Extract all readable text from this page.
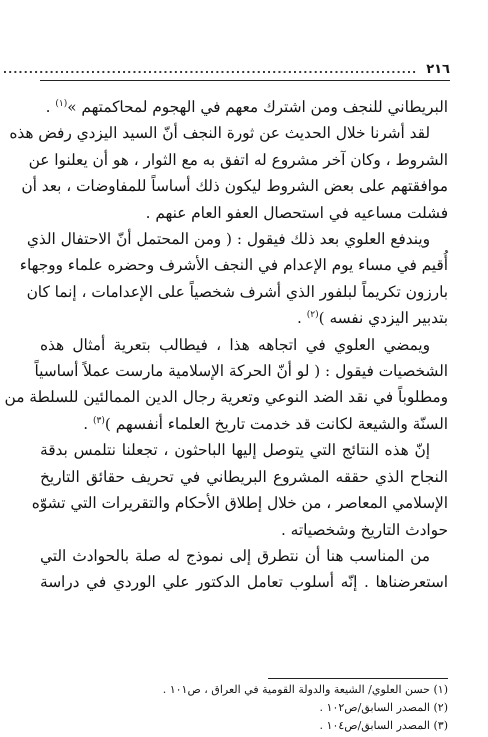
٢١٦
................................................................................
البريطاني للنجف ومن اشترك معهم في الهجوم لمحاكمتهم »$^{(١)}$ .
لقد أشرنا خلال الحديث عن ثورة النجف أنّ السيد اليزدي رفض هذه
الشروط ، وكان آخر مشروع له اتفق به مع الثوار ، هو أن يعلنوا عن
موافقتهم على بعض الشروط ليكون ذلك أساساً للمفاوضات ، بعد أن
فشلت مساعيه في استحصال العفو العام عنهم .
ويندفع العلوي بعد ذلك فيقول : ( ومن المحتمل أنّ الاحتفال الذي
أُقيم في مساء يوم الإعدام في النجف الأشرف وحضره علماء ووجهاء
بارزون تكريماً لبلفور الذي أشرف شخصياً على الإعدامات ، إنما كان
بتدبير اليزدي نفسه )$^{(٢)}$ .
ويمضي العلوي في اتجاهه هذا ، فيطالب بتعرية أمثال هذه
الشخصيات فيقول : ( لو أنّ الحركة الإسلامية مارست عملاً أساسياً
ومطلوباً في نقد الضد النوعي وتعرية رجال الدين الممالئين للسلطة من
السنّة والشيعة لكانت قد خدمت تاريخ العلماء أنفسهم )$^{(٣)}$ .
إنّ هذه النتائج التي يتوصل إليها الباحثون ، تجعلنا نتلمس بدقة
النجاح الذي حققه المشروع البريطاني في تحريف حقائق التاريخ
الإسلامي المعاصر ، من خلال إطلاق الأحكام والتقريرات التي تشوّه
حوادث التاريخ وشخصياته .
من المناسب هنا أن نتطرق إلى نموذج له صلة بالحوادث التي
استعرضناها . إنّه أسلوب تعامل الدكتور علي الوردي في دراسة
(١) حسن العلوي/ الشيعة والدولة القومية في العراق ، ص١٠١ .
(٢) المصدر السابق/ص١٠٢ .
(٣) المصدر السابق/ص١٠٤ .
